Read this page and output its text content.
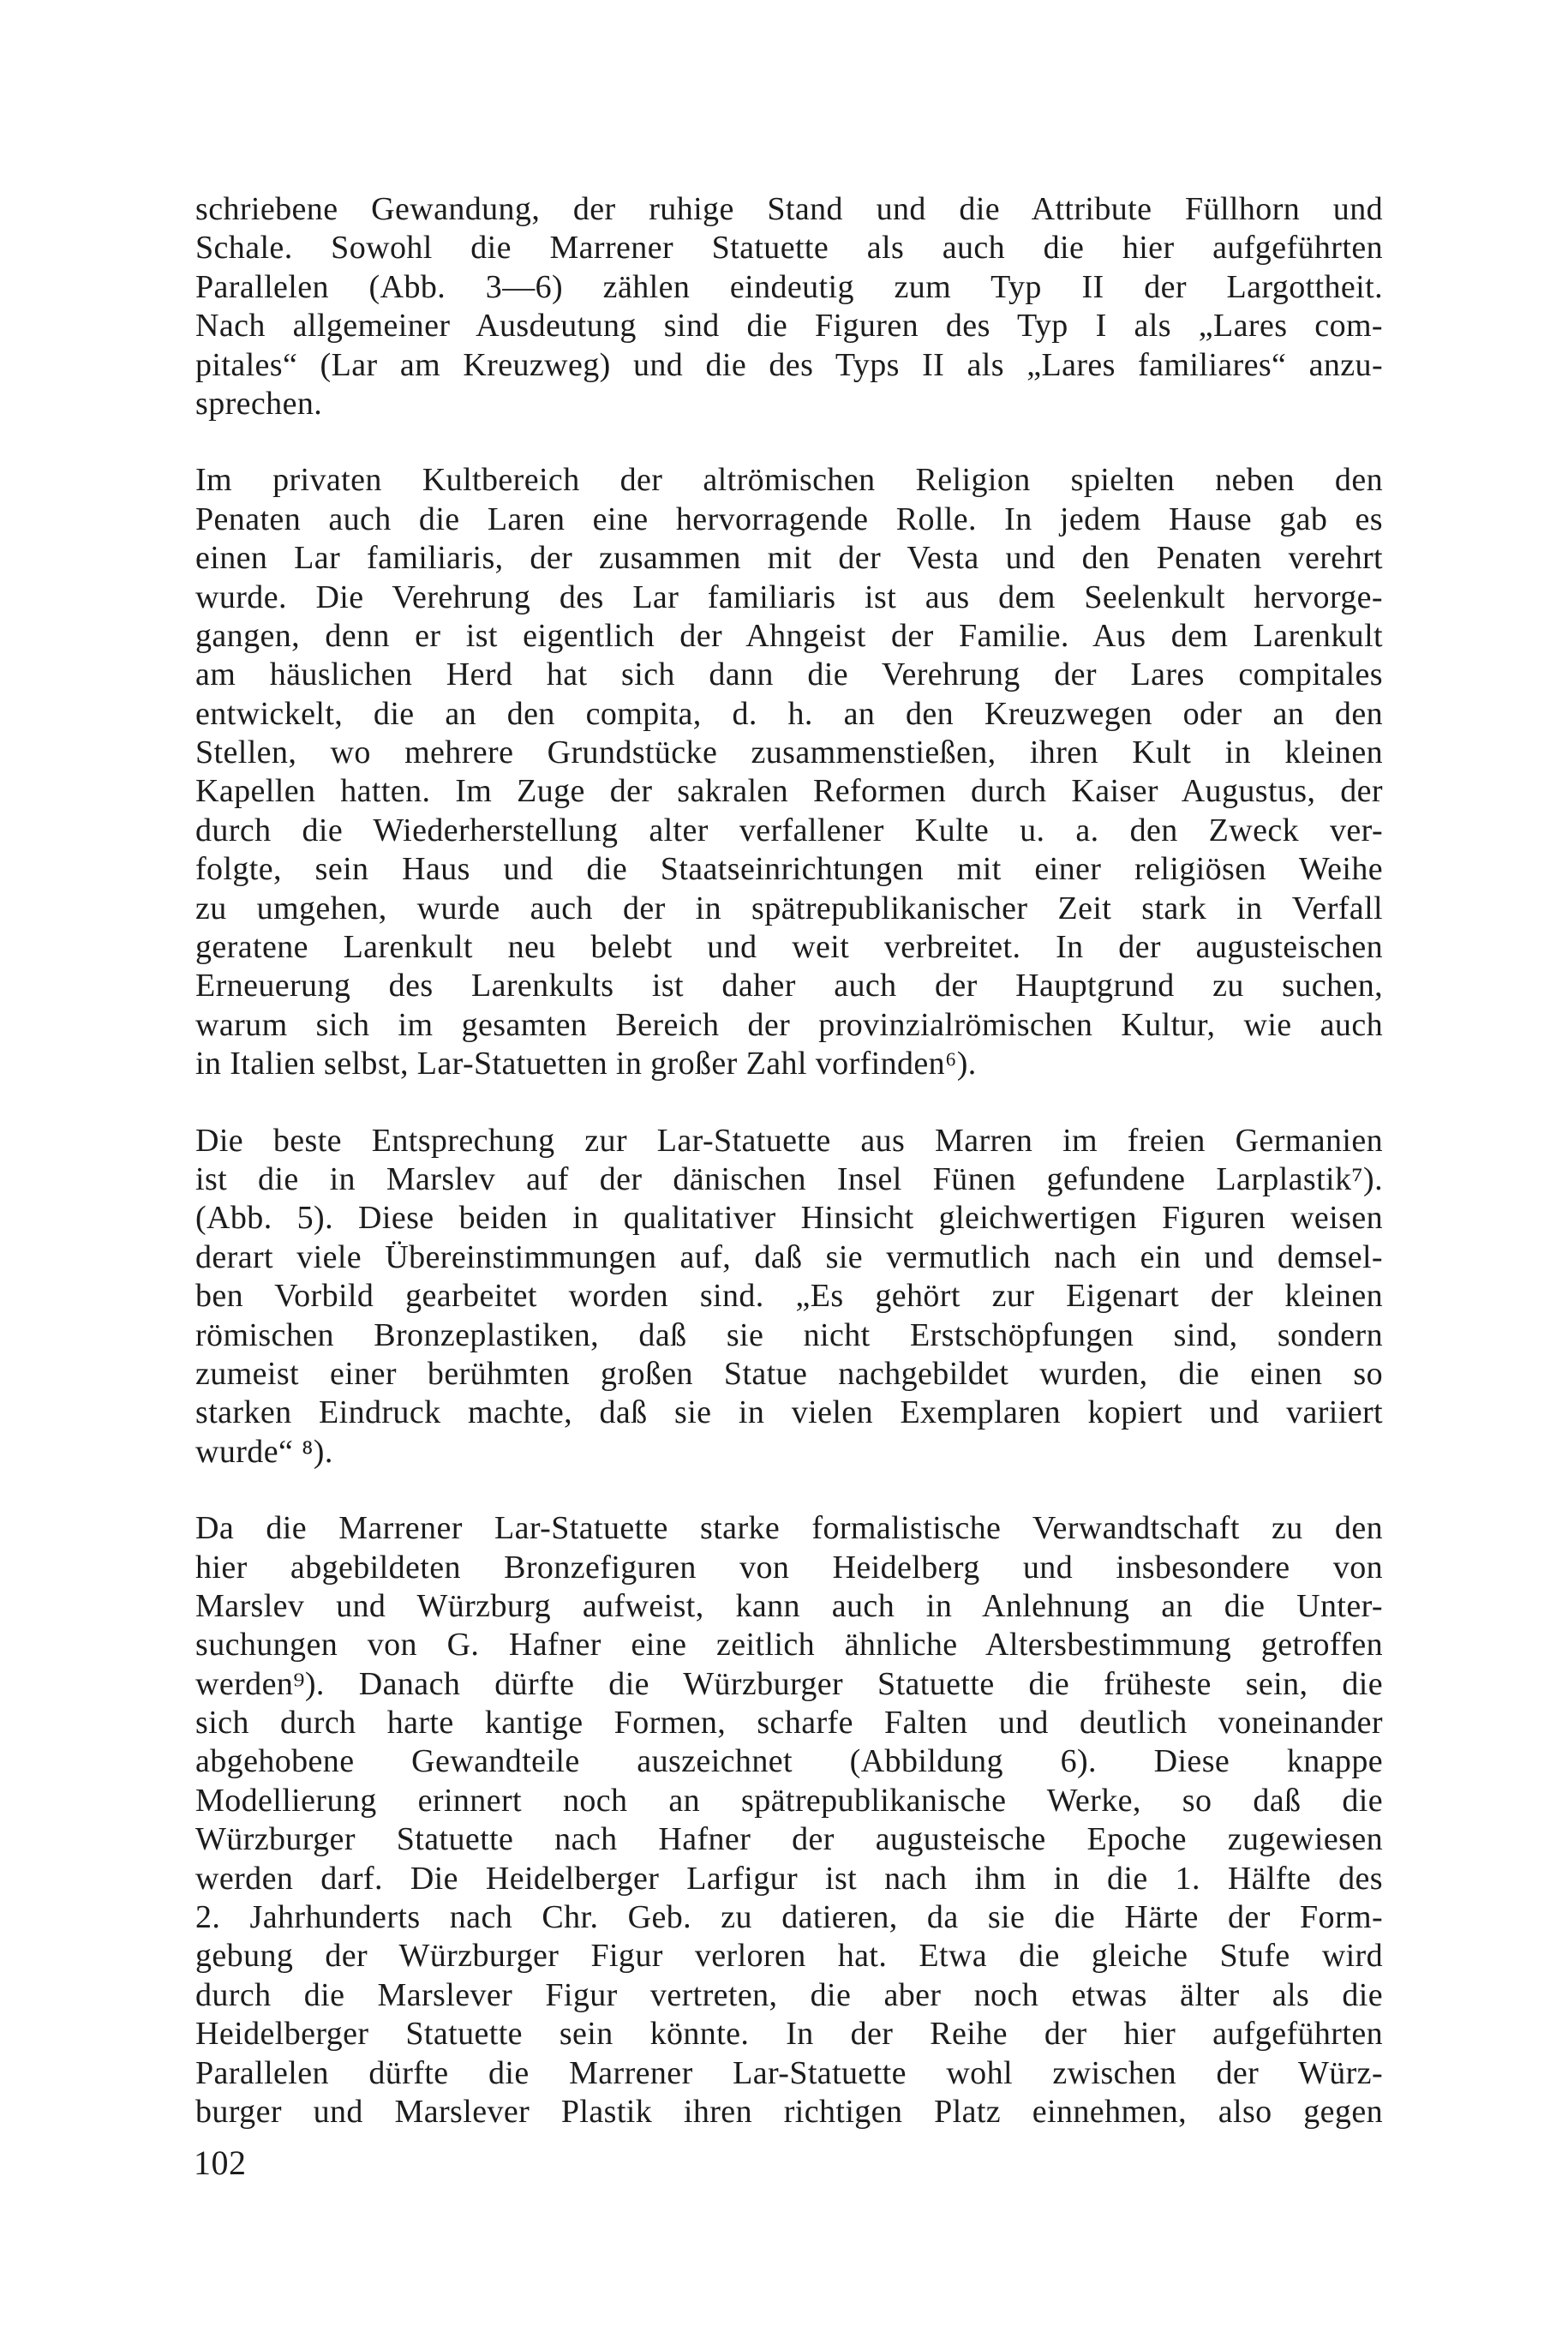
schriebene Gewandung, der ruhige Stand und die Attribute Füllhorn und
Schale. Sowohl die Marrener Statuette als auch die hier aufgeführten
Parallelen (Abb. 3—6) zählen eindeutig zum Typ II der Largottheit.
Nach allgemeiner Ausdeutung sind die Figuren des Typ I als „Lares com-
pitales“ (Lar am Kreuzweg) und die des Typs II als „Lares familiares“ anzu-
sprechen.

Im privaten Kultbereich der altrömischen Religion spielten neben den
Penaten auch die Laren eine hervorragende Rolle. In jedem Hause gab es
einen Lar familiaris, der zusammen mit der Vesta und den Penaten verehrt
wurde. Die Verehrung des Lar familiaris ist aus dem Seelenkult hervorge-
gangen, denn er ist eigentlich der Ahngeist der Familie. Aus dem Larenkult
am häuslichen Herd hat sich dann die Verehrung der Lares compitales
entwickelt, die an den compita, d. h. an den Kreuzwegen oder an den
Stellen, wo mehrere Grundstücke zusammenstießen, ihren Kult in kleinen
Kapellen hatten. Im Zuge der sakralen Reformen durch Kaiser Augustus, der
durch die Wiederherstellung alter verfallener Kulte u. a. den Zweck ver-
folgte, sein Haus und die Staatseinrichtungen mit einer religiösen Weihe
zu umgehen, wurde auch der in spätrepublikanischer Zeit stark in Verfall
geratene Larenkult neu belebt und weit verbreitet. In der augusteischen
Erneuerung des Larenkults ist daher auch der Hauptgrund zu suchen,
warum sich im gesamten Bereich der provinzialrömischen Kultur, wie auch
in Italien selbst, Lar-Statuetten in großer Zahl vorfinden⁶).

Die beste Entsprechung zur Lar-Statuette aus Marren im freien Germanien
ist die in Marslev auf der dänischen Insel Fünen gefundene Larplastik⁷).
(Abb. 5). Diese beiden in qualitativer Hinsicht gleichwertigen Figuren weisen
derart viele Übereinstimmungen auf, daß sie vermutlich nach ein und demsel-
ben Vorbild gearbeitet worden sind. „Es gehört zur Eigenart der kleinen
römischen Bronzeplastiken, daß sie nicht Erstschöpfungen sind, sondern
zumeist einer berühmten großen Statue nachgebildet wurden, die einen so
starken Eindruck machte, daß sie in vielen Exemplaren kopiert und variiert
wurde“ ⁸).

Da die Marrener Lar-Statuette starke formalistische Verwandtschaft zu den
hier abgebildeten Bronzefiguren von Heidelberg und insbesondere von
Marslev und Würzburg aufweist, kann auch in Anlehnung an die Unter-
suchungen von G. Hafner eine zeitlich ähnliche Altersbestimmung getroffen
werden⁹). Danach dürfte die Würzburger Statuette die früheste sein, die
sich durch harte kantige Formen, scharfe Falten und deutlich voneinander
abgehobene Gewandteile auszeichnet (Abbildung 6). Diese knappe
Modellierung erinnert noch an spätrepublikanische Werke, so daß die
Würzburger Statuette nach Hafner der augusteische Epoche zugewiesen
werden darf. Die Heidelberger Larfigur ist nach ihm in die 1. Hälfte des
2. Jahrhunderts nach Chr. Geb. zu datieren, da sie die Härte der Form-
gebung der Würzburger Figur verloren hat. Etwa die gleiche Stufe wird
durch die Marslever Figur vertreten, die aber noch etwas älter als die
Heidelberger Statuette sein könnte. In der Reihe der hier aufgeführten
Parallelen dürfte die Marrener Lar-Statuette wohl zwischen der Würz-
burger und Marslever Plastik ihren richtigen Platz einnehmen, also gegen

102
